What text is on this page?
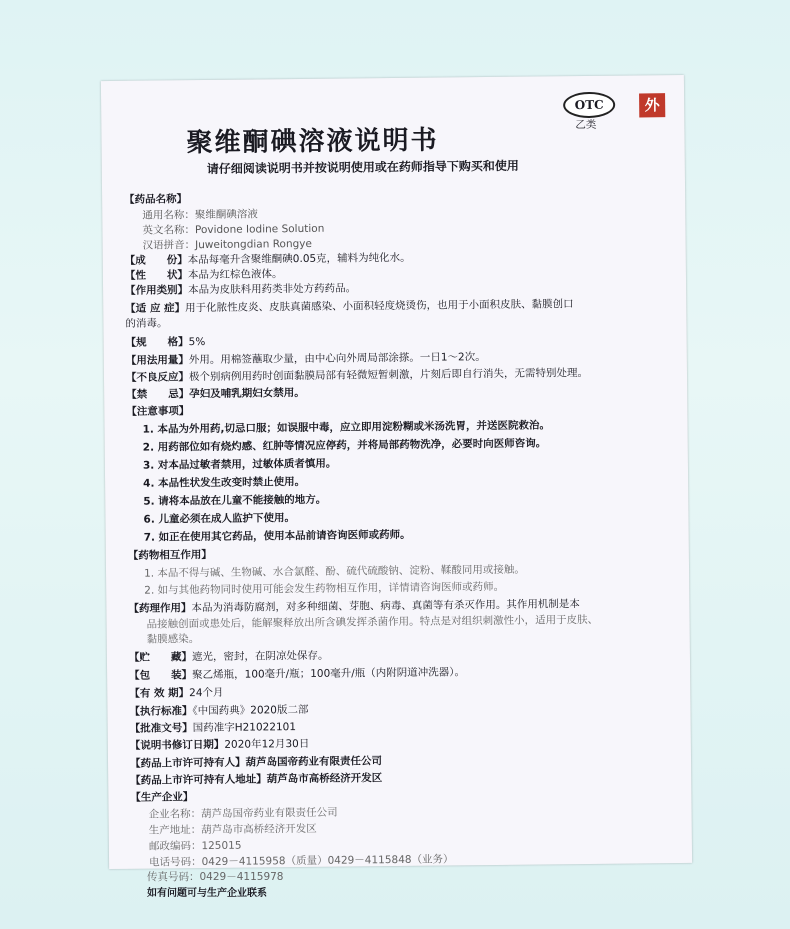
OTC
乙类
外
聚维酮碘溶液说明书
请仔细阅读说明书并按说明使用或在药师指导下购买和使用
【药品名称】
通用名称：聚维酮碘溶液
英文名称：Povidone Iodine Solution
汉语拼音：Juweitongdian Rongye
【成　　份】本品每毫升含聚维酮碘0.05克，辅料为纯化水。
【性　　状】本品为红棕色液体。
【作用类别】本品为皮肤科用药类非处方药药品。
【适 应 症】用于化脓性皮炎、皮肤真菌感染、小面积轻度烧烫伤，也用于小面积皮肤、黏膜创口
的消毒。
【规　　格】5%
【用法用量】外用。用棉签蘸取少量，由中心向外周局部涂搽。一日1～2次。
【不良反应】极个别病例用药时创面黏膜局部有轻微短暂刺激，片刻后即自行消失，无需特别处理。
【禁　　忌】孕妇及哺乳期妇女禁用。
【注意事项】
1. 本品为外用药,切忌口服；如误服中毒，应立即用淀粉糊或米汤洗胃，并送医院救治。
2. 用药部位如有烧灼感、红肿等情况应停药，并将局部药物洗净，必要时向医师咨询。
3. 对本品过敏者禁用，过敏体质者慎用。
4. 本品性状发生改变时禁止使用。
5. 请将本品放在儿童不能接触的地方。
6. 儿童必须在成人监护下使用。
7. 如正在使用其它药品，使用本品前请咨询医师或药师。
【药物相互作用】
1. 本品不得与碱、生物碱、水合氯醛、酚、硫代硫酸钠、淀粉、鞣酸同用或接触。
2. 如与其他药物同时使用可能会发生药物相互作用，详情请咨询医师或药师。
【药理作用】本品为消毒防腐剂，对多种细菌、芽胞、病毒、真菌等有杀灭作用。其作用机制是本
品接触创面或患处后，能解聚释放出所含碘发挥杀菌作用。特点是对组织刺激性小，适用于皮肤、
黏膜感染。
【贮　　藏】遮光，密封，在阴凉处保存。
【包　　装】聚乙烯瓶，100毫升/瓶；100毫升/瓶（内附阴道冲洗器）。
【有 效 期】24个月
【执行标准】《中国药典》2020版二部
【批准文号】国药准字H21022101
【说明书修订日期】2020年12月30日
【药品上市许可持有人】葫芦岛国帝药业有限责任公司
【药品上市许可持有人地址】葫芦岛市高桥经济开发区
【生产企业】
企业名称：葫芦岛国帝药业有限责任公司
生产地址：葫芦岛市高桥经济开发区
邮政编码：125015
电话号码：0429－4115958（质量）0429－4115848（业务）
传真号码：0429－4115978
如有问题可与生产企业联系
